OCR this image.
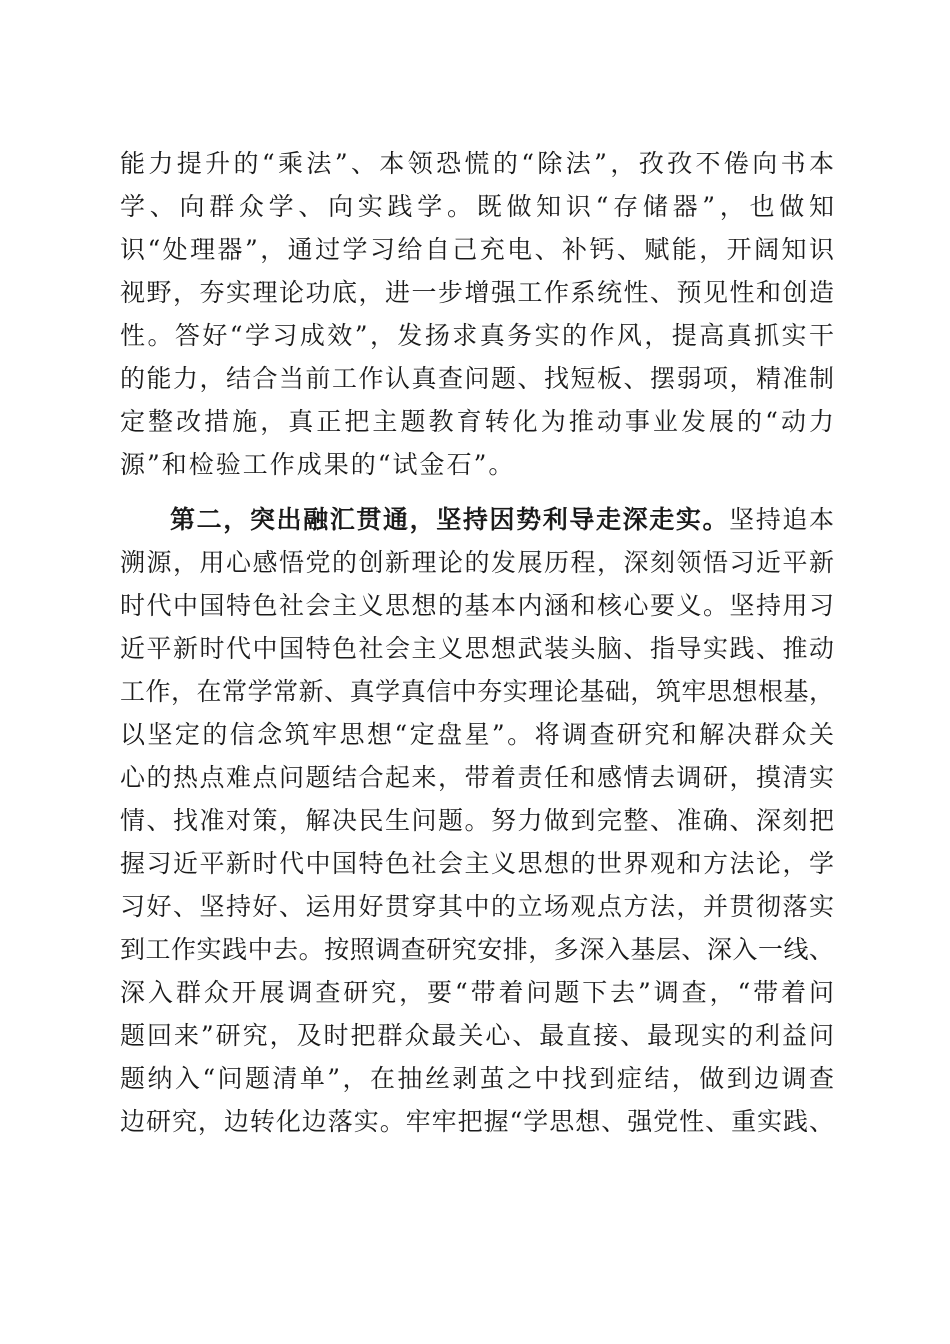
能力提升的“乘法”、本领恐慌的“除法”，孜孜不倦向书本
学、向群众学、向实践学。既做知识“存储器”，也做知
识“处理器”，通过学习给自己充电、补钙、赋能，开阔知识
视野，夯实理论功底，进一步增强工作系统性、预见性和创造
性。答好“学习成效”，发扬求真务实的作风，提高真抓实干
的能力，结合当前工作认真查问题、找短板、摆弱项，精准制
定整改措施，真正把主题教育转化为推动事业发展的“动力
源”和检验工作成果的“试金石”。
第二，突出融汇贯通，坚持因势利导走深走实。坚持追本
溯源，用心感悟党的创新理论的发展历程，深刻领悟习近平新
时代中国特色社会主义思想的基本内涵和核心要义。坚持用习
近平新时代中国特色社会主义思想武装头脑、指导实践、推动
工作，在常学常新、真学真信中夯实理论基础，筑牢思想根基，
以坚定的信念筑牢思想“定盘星”。将调查研究和解决群众关
心的热点难点问题结合起来，带着责任和感情去调研，摸清实
情、找准对策，解决民生问题。努力做到完整、准确、深刻把
握习近平新时代中国特色社会主义思想的世界观和方法论，学
习好、坚持好、运用好贯穿其中的立场观点方法，并贯彻落实
到工作实践中去。按照调查研究安排，多深入基层、深入一线、
深入群众开展调查研究，要“带着问题下去”调查，“带着问
题回来”研究，及时把群众最关心、最直接、最现实的利益问
题纳入“问题清单”，在抽丝剥茧之中找到症结，做到边调查
边研究，边转化边落实。牢牢把握“学思想、强党性、重实践、
